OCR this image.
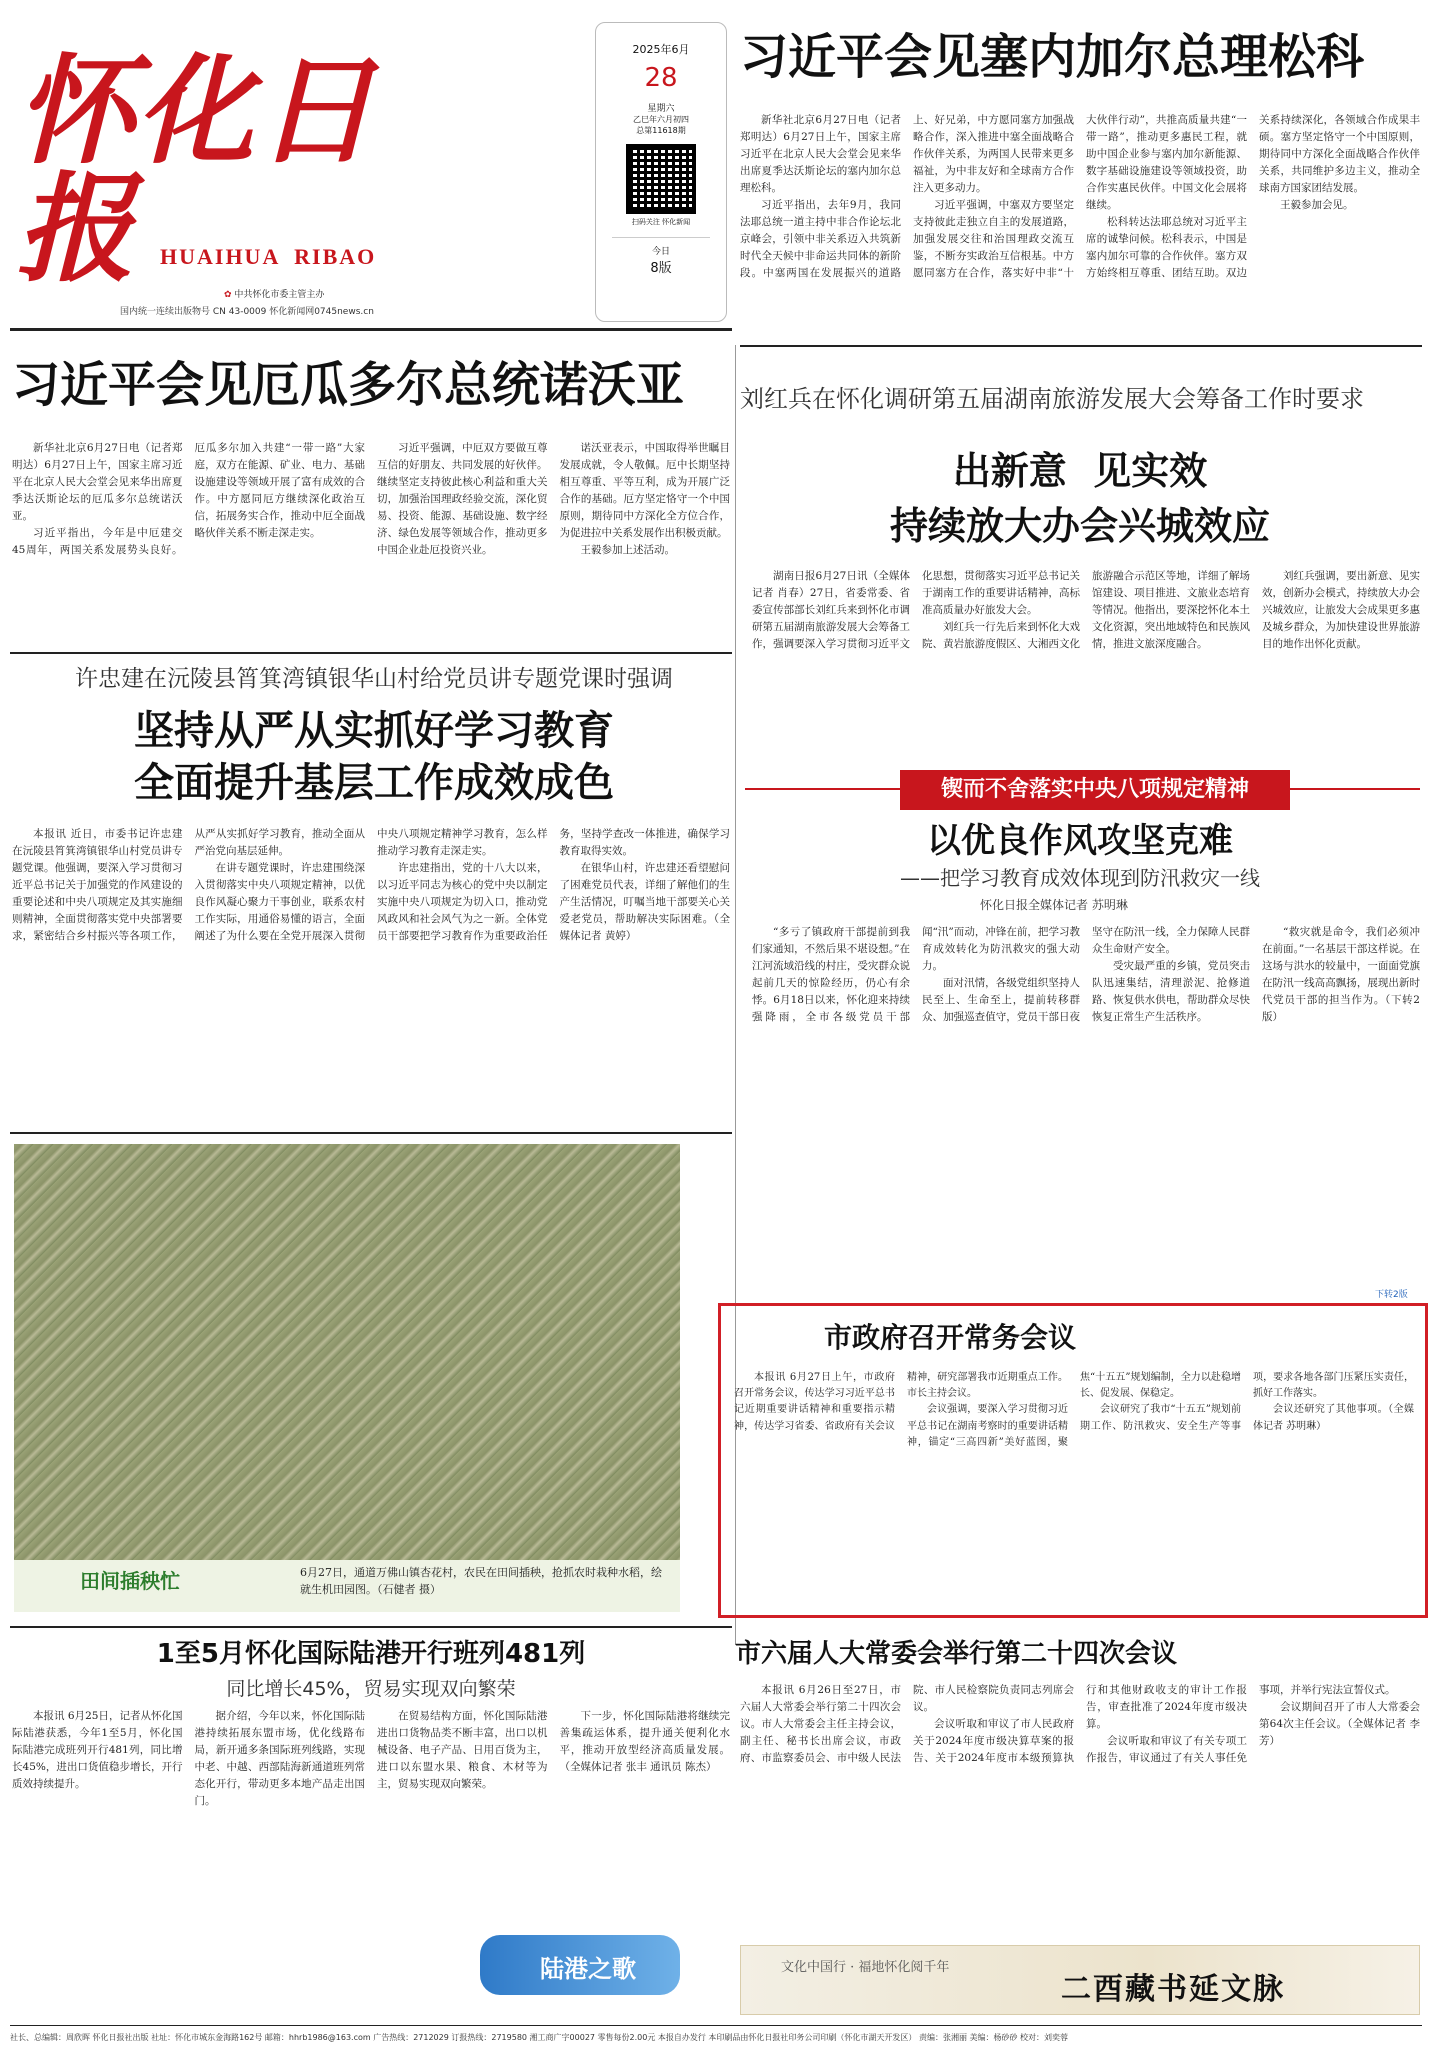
怀化日报	HUAIHUA  RIBAO
✿ 中共怀化市委主管主办
国内统一连续出版物号 CN 43-0009 怀化新闻网0745news.cn
2025年6月
28
星期六
乙巳年六月初四
总第11618期
扫码关注 怀化新闻
今日
8版
习近平会见塞内加尔总理松科

新华社北京6月27日电（记者郑明达）6月27日上午，国家主席习近平在北京人民大会堂会见来华出席夏季达沃斯论坛的塞内加尔总理松科。

习近平指出，去年9月，我同法耶总统一道主持中非合作论坛北京峰会，引领中非关系迈入共筑新时代全天候中非命运共同体的新阶段。中塞两国在发展振兴的道路上、好兄弟，中方愿同塞方加强战略合作，深入推进中塞全面战略合作伙伴关系，为两国人民带来更多福祉，为中非友好和全球南方合作注入更多动力。

习近平强调，中塞双方要坚定支持彼此走独立自主的发展道路，加强发展交往和治国理政交流互鉴，不断夯实政治互信根基。中方愿同塞方在合作，落实好中非“十大伙伴行动”，共推高质量共建“一带一路”，推动更多惠民工程，就助中国企业参与塞内加尔新能源、数字基础设施建设等领域投资，助合作实惠民伙伴。中国文化会展将继续。

松科转达法耶总统对习近平主席的诚挚问候。松科表示，中国是塞内加尔可靠的合作伙伴。塞方双方始终相互尊重、团结互助。双边关系持续深化，各领域合作成果丰硕。塞方坚定恪守一个中国原则，期待同中方深化全面战略合作伙伴关系，共同维护多边主义，推动全球南方国家团结发展。

王毅参加会见。

习近平会见厄瓜多尔总统诺沃亚

新华社北京6月27日电（记者郑明达）6月27日上午，国家主席习近平在北京人民大会堂会见来华出席夏季达沃斯论坛的厄瓜多尔总统诺沃亚。

习近平指出，今年是中厄建交45周年，两国关系发展势头良好。厄瓜多尔加入共建“一带一路”大家庭，双方在能源、矿业、电力、基础设施建设等领域开展了富有成效的合作。中方愿同厄方继续深化政治互信，拓展务实合作，推动中厄全面战略伙伴关系不断走深走实。

习近平强调，中厄双方要做互尊互信的好朋友、共同发展的好伙伴。继续坚定支持彼此核心利益和重大关切，加强治国理政经验交流，深化贸易、投资、能源、基础设施、数字经济、绿色发展等领域合作，推动更多中国企业赴厄投资兴业。

诺沃亚表示，中国取得举世瞩目发展成就，令人敬佩。厄中长期坚持相互尊重、平等互利，成为开展广泛合作的基础。厄方坚定恪守一个中国原则，期待同中方深化全方位合作，为促进拉中关系发展作出积极贡献。

王毅参加上述活动。

刘红兵在怀化调研第五届湖南旅游发展大会筹备工作时要求
出新意  见实效
持续放大办会兴城效应

湖南日报6月27日讯（全媒体记者 肖春）27日，省委常委、省委宣传部部长刘红兵来到怀化市调研第五届湖南旅游发展大会筹备工作，强调要深入学习贯彻习近平文化思想，贯彻落实习近平总书记关于湖南工作的重要讲话精神，高标准高质量办好旅发大会。

刘红兵一行先后来到怀化大戏院、黄岩旅游度假区、大湘西文化旅游融合示范区等地，详细了解场馆建设、项目推进、文旅业态培育等情况。他指出，要深挖怀化本土文化资源，突出地域特色和民族风情，推进文旅深度融合。

刘红兵强调，要出新意、见实效，创新办会模式，持续放大办会兴城效应，让旅发大会成果更多惠及城乡群众，为加快建设世界旅游目的地作出怀化贡献。

许忠建在沅陵县筲箕湾镇银华山村给党员讲专题党课时强调
坚持从严从实抓好学习教育
全面提升基层工作成效成色

本报讯 近日，市委书记许忠建在沅陵县筲箕湾镇银华山村党员讲专题党课。他强调，要深入学习贯彻习近平总书记关于加强党的作风建设的重要论述和中央八项规定及其实施细则精神，全面贯彻落实党中央部署要求，紧密结合乡村振兴等各项工作，从严从实抓好学习教育，推动全面从严治党向基层延伸。

在讲专题党课时，许忠建围绕深入贯彻落实中央八项规定精神，以优良作风凝心聚力干事创业，联系农村工作实际，用通俗易懂的语言，全面阐述了为什么要在全党开展深入贯彻中央八项规定精神学习教育，怎么样推动学习教育走深走实。

许忠建指出，党的十八大以来，以习近平同志为核心的党中央以制定实施中央八项规定为切入口，推动党风政风和社会风气为之一新。全体党员干部要把学习教育作为重要政治任务，坚持学查改一体推进，确保学习教育取得实效。

在银华山村，许忠建还看望慰问了困难党员代表，详细了解他们的生产生活情况，叮嘱当地干部要关心关爱老党员，帮助解决实际困难。（全媒体记者 黄婷）

锲而不舍落实中央八项规定精神
以优良作风攻坚克难
——把学习教育成效体现到防汛救灾一线
怀化日报全媒体记者 苏明琳

“多亏了镇政府干部提前到我们家通知，不然后果不堪设想。”在江河流域沿线的村庄，受灾群众说起前几天的惊险经历，仍心有余悸。6月18日以来，怀化迎来持续强降雨，全市各级党员干部闻“汛”而动，冲锋在前，把学习教育成效转化为防汛救灾的强大动力。

面对汛情，各级党组织坚持人民至上、生命至上，提前转移群众、加强巡查值守，党员干部日夜坚守在防汛一线，全力保障人民群众生命财产安全。

受灾最严重的乡镇，党员突击队迅速集结，清理淤泥、抢修道路、恢复供水供电，帮助群众尽快恢复正常生产生活秩序。

“救灾就是命令，我们必须冲在前面。”一名基层干部这样说。在这场与洪水的较量中，一面面党旗在防汛一线高高飘扬，展现出新时代党员干部的担当作为。（下转2版）

下转2版
田间插秧忙	6月27日，通道万佛山镇杏花村，农民在田间插秧，抢抓农时栽种水稻，绘就生机田园图。（石健者 摄）
市政府召开常务会议

本报讯 6月27日上午，市政府召开常务会议，传达学习习近平总书记近期重要讲话精神和重要指示精神，传达学习省委、省政府有关会议精神，研究部署我市近期重点工作。市长主持会议。

会议强调，要深入学习贯彻习近平总书记在湖南考察时的重要讲话精神，锚定“三高四新”美好蓝图，聚焦“十五五”规划编制，全力以赴稳增长、促发展、保稳定。

会议研究了我市“十五五”规划前期工作、防汛救灾、安全生产等事项，要求各地各部门压紧压实责任，抓好工作落实。

会议还研究了其他事项。（全媒体记者 苏明琳）

1至5月怀化国际陆港开行班列481列
同比增长45%，贸易实现双向繁荣

本报讯 6月25日，记者从怀化国际陆港获悉，今年1至5月，怀化国际陆港完成班列开行481列，同比增长45%，进出口货值稳步增长，开行质效持续提升。

据介绍，今年以来，怀化国际陆港持续拓展东盟市场，优化线路布局，新开通多条国际班列线路，实现中老、中越、西部陆海新通道班列常态化开行，带动更多本地产品走出国门。

在贸易结构方面，怀化国际陆港进出口货物品类不断丰富，出口以机械设备、电子产品、日用百货为主，进口以东盟水果、粮食、木材等为主，贸易实现双向繁荣。

下一步，怀化国际陆港将继续完善集疏运体系，提升通关便利化水平，推动开放型经济高质量发展。（全媒体记者 张丰 通讯员 陈杰）

陆港之歌
市六届人大常委会举行第二十四次会议

本报讯 6月26日至27日，市六届人大常委会举行第二十四次会议。市人大常委会主任主持会议，副主任、秘书长出席会议，市政府、市监察委员会、市中级人民法院、市人民检察院负责同志列席会议。

会议听取和审议了市人民政府关于2024年度市级决算草案的报告、关于2024年度市本级预算执行和其他财政收支的审计工作报告，审查批准了2024年度市级决算。

会议听取和审议了有关专项工作报告，审议通过了有关人事任免事项，并举行宪法宣誓仪式。

会议期间召开了市人大常委会第64次主任会议。（全媒体记者 李芳）

文化中国行 · 福地怀化阅千年
二酉藏书延文脉
社长、总编辑：周欣晖 怀化日报社出版 社址：怀化市城东金海路162号 邮箱：hhrb1986@163.com 广告热线：2712029 订报热线：2719580 湘工商广字00027 零售每份2.00元 本报自办发行 本印刷品由怀化日报社印务公司印刷（怀化市湖天开发区） 责编：张湘丽 美编：杨砂砂 校对：刘奕蓉
